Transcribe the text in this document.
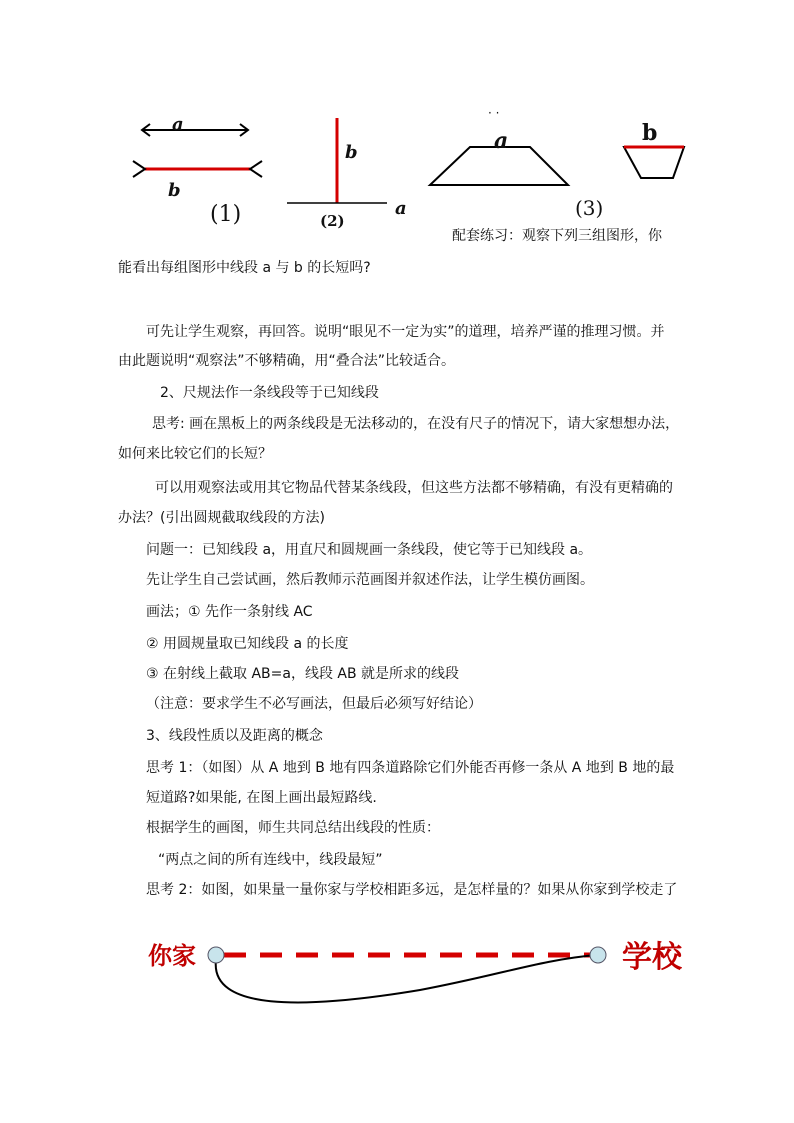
· ·
a
b
(1)
b
a
(2)
a
(3)
b
配套练习：观察下列三组图形，你
能看出每组图形中线段 a 与 b 的长短吗?
可先让学生观察，再回答。说明“眼见不一定为实”的道理，培养严谨的推理习惯。并
由此题说明“观察法”不够精确，用“叠合法”比较适合。
2、尺规法作一条线段等于已知线段
思考: 画在黑板上的两条线段是无法移动的，在没有尺子的情况下，请大家想想办法，
如何来比较它们的长短？
可以用观察法或用其它物品代替某条线段，但这些方法都不够精确，有没有更精确的
办法？(引出圆规截取线段的方法)
问题一：已知线段 a，用直尺和圆规画一条线段，使它等于已知线段 a。
先让学生自己尝试画，然后教师示范画图并叙述作法，让学生模仿画图。
画法；① 先作一条射线 AC
② 用圆规量取已知线段 a 的长度
③ 在射线上截取 AB=a，线段 AB 就是所求的线段
（注意：要求学生不必写画法，但最后必须写好结论）
3、线段性质以及距离的概念
思考 1：（如图）从 A 地到 B 地有四条道路除它们外能否再修一条从 A 地到 B 地的最
短道路?如果能, 在图上画出最短路线.
根据学生的画图，师生共同总结出线段的性质：
“两点之间的所有连线中，线段最短”
思考 2：如图，如果量一量你家与学校相距多远，是怎样量的？如果从你家到学校走了
你家	学校
